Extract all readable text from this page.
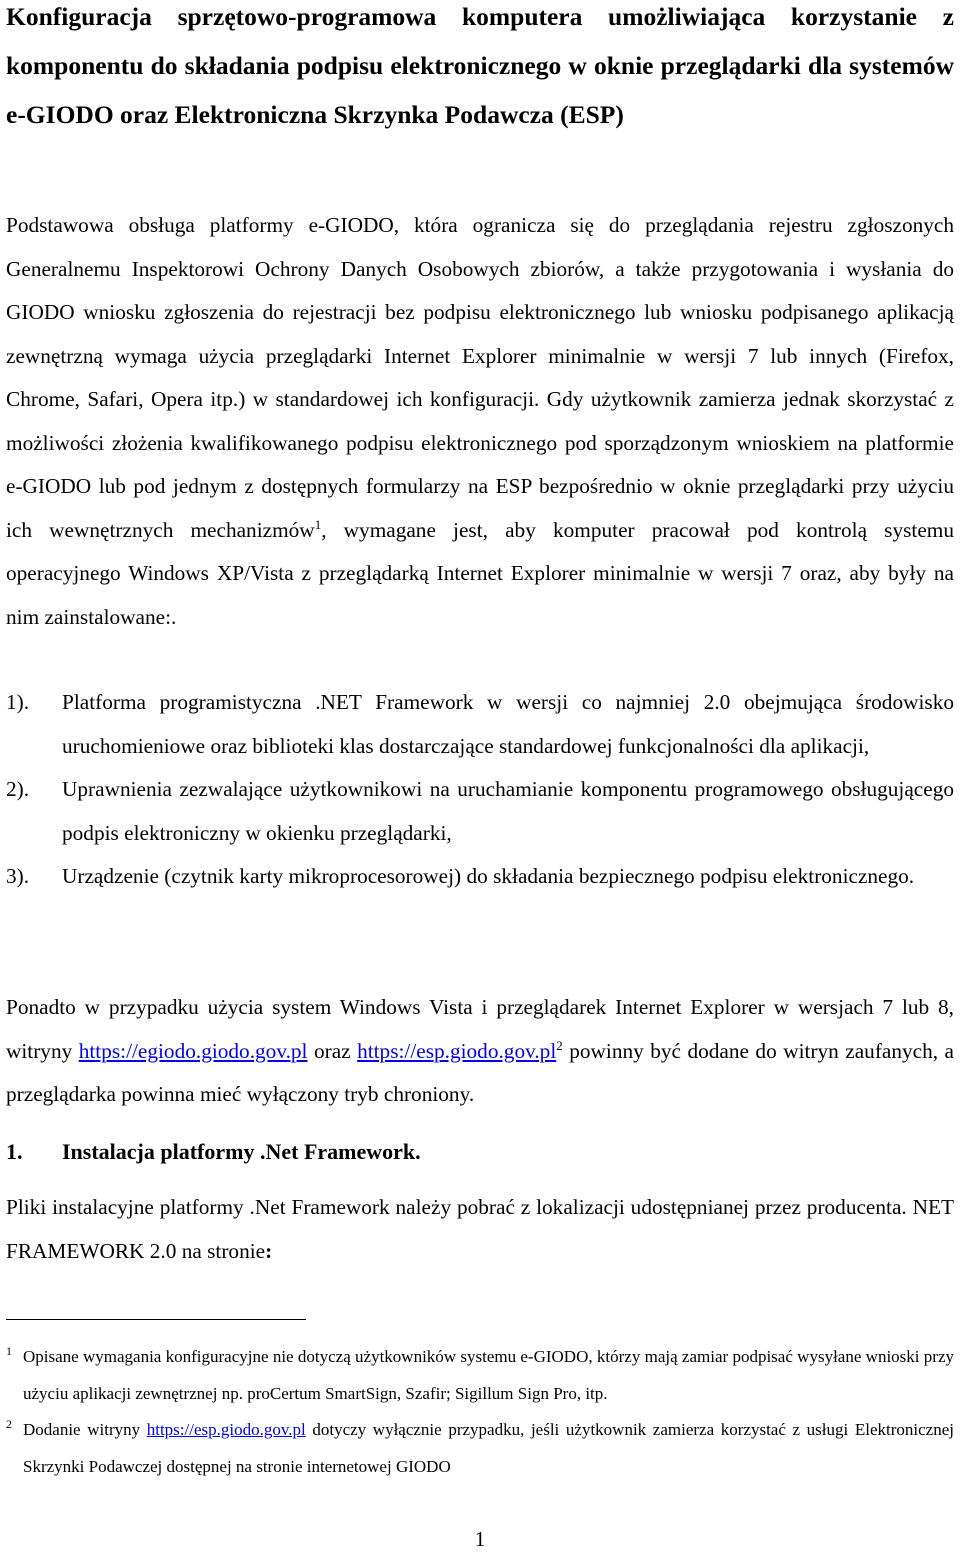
Konfiguracja sprzętowo-programowa komputera umożliwiająca korzystanie z komponentu do składania podpisu elektronicznego w oknie przeglądarki dla systemów e-GIODO oraz Elektroniczna Skrzynka Podawcza (ESP)

Podstawowa obsługa platformy e-GIODO, która ogranicza się do przeglądania rejestru zgłoszonych Generalnemu Inspektorowi Ochrony Danych Osobowych zbiorów, a także przygotowania i wysłania do GIODO wniosku zgłoszenia do rejestracji bez podpisu elektronicznego lub wniosku podpisanego aplikacją zewnętrzną wymaga użycia przeglądarki Internet Explorer minimalnie w wersji 7 lub innych (Firefox, Chrome, Safari, Opera itp.) w standardowej ich konfiguracji. Gdy użytkownik zamierza jednak skorzystać z możliwości złożenia kwalifikowanego podpisu elektronicznego pod sporządzonym wnioskiem na platformie e-GIODO lub pod jednym z dostępnych formularzy na ESP bezpośrednio w oknie przeglądarki przy użyciu ich wewnętrznych mechanizmów$^1$, wymagane jest, aby komputer pracował pod kontrolą systemu operacyjnego Windows XP/Vista z przeglądarką Internet Explorer minimalnie w wersji 7 oraz, aby były na nim zainstalowane:.

1).	Platforma programistyczna .NET Framework w wersji co najmniej 2.0 obejmująca środowisko uruchomieniowe oraz biblioteki klas dostarczające standardowej funkcjonalności dla aplikacji,
2).	Uprawnienia zezwalające użytkownikowi na uruchamianie komponentu programowego obsługującego podpis elektroniczny w okienku przeglądarki,
3).	Urządzenie (czytnik karty mikroprocesorowej) do składania bezpiecznego podpisu elektronicznego.

Ponadto w przypadku użycia system Windows Vista i przeglądarek Internet Explorer w wersjach 7 lub 8, witryny https://egiodo.giodo.gov.pl oraz $https://esp.giodo.gov.pl^2$ powinny być dodane do witryn zaufanych, a przeglądarka powinna mieć wyłączony tryb chroniony.

1. Instalacja platformy .Net Framework.

Pliki instalacyjne platformy .Net Framework należy pobrać z lokalizacji udostępnianej przez producenta. NET FRAMEWORK 2.0 na stronie:

1 Opisane wymagania konfiguracyjne nie dotyczą użytkowników systemu e-GIODO, którzy mają zamiar podpisać wysyłane wnioski przy użyciu aplikacji zewnętrznej np. proCertum SmartSign, Szafir; Sigillum Sign Pro, itp.
2 Dodanie witryny https://esp.giodo.gov.pl dotyczy wyłącznie przypadku, jeśli użytkownik zamierza korzystać z usługi Elektronicznej Skrzynki Podawczej dostępnej na stronie internetowej GIODO
1
